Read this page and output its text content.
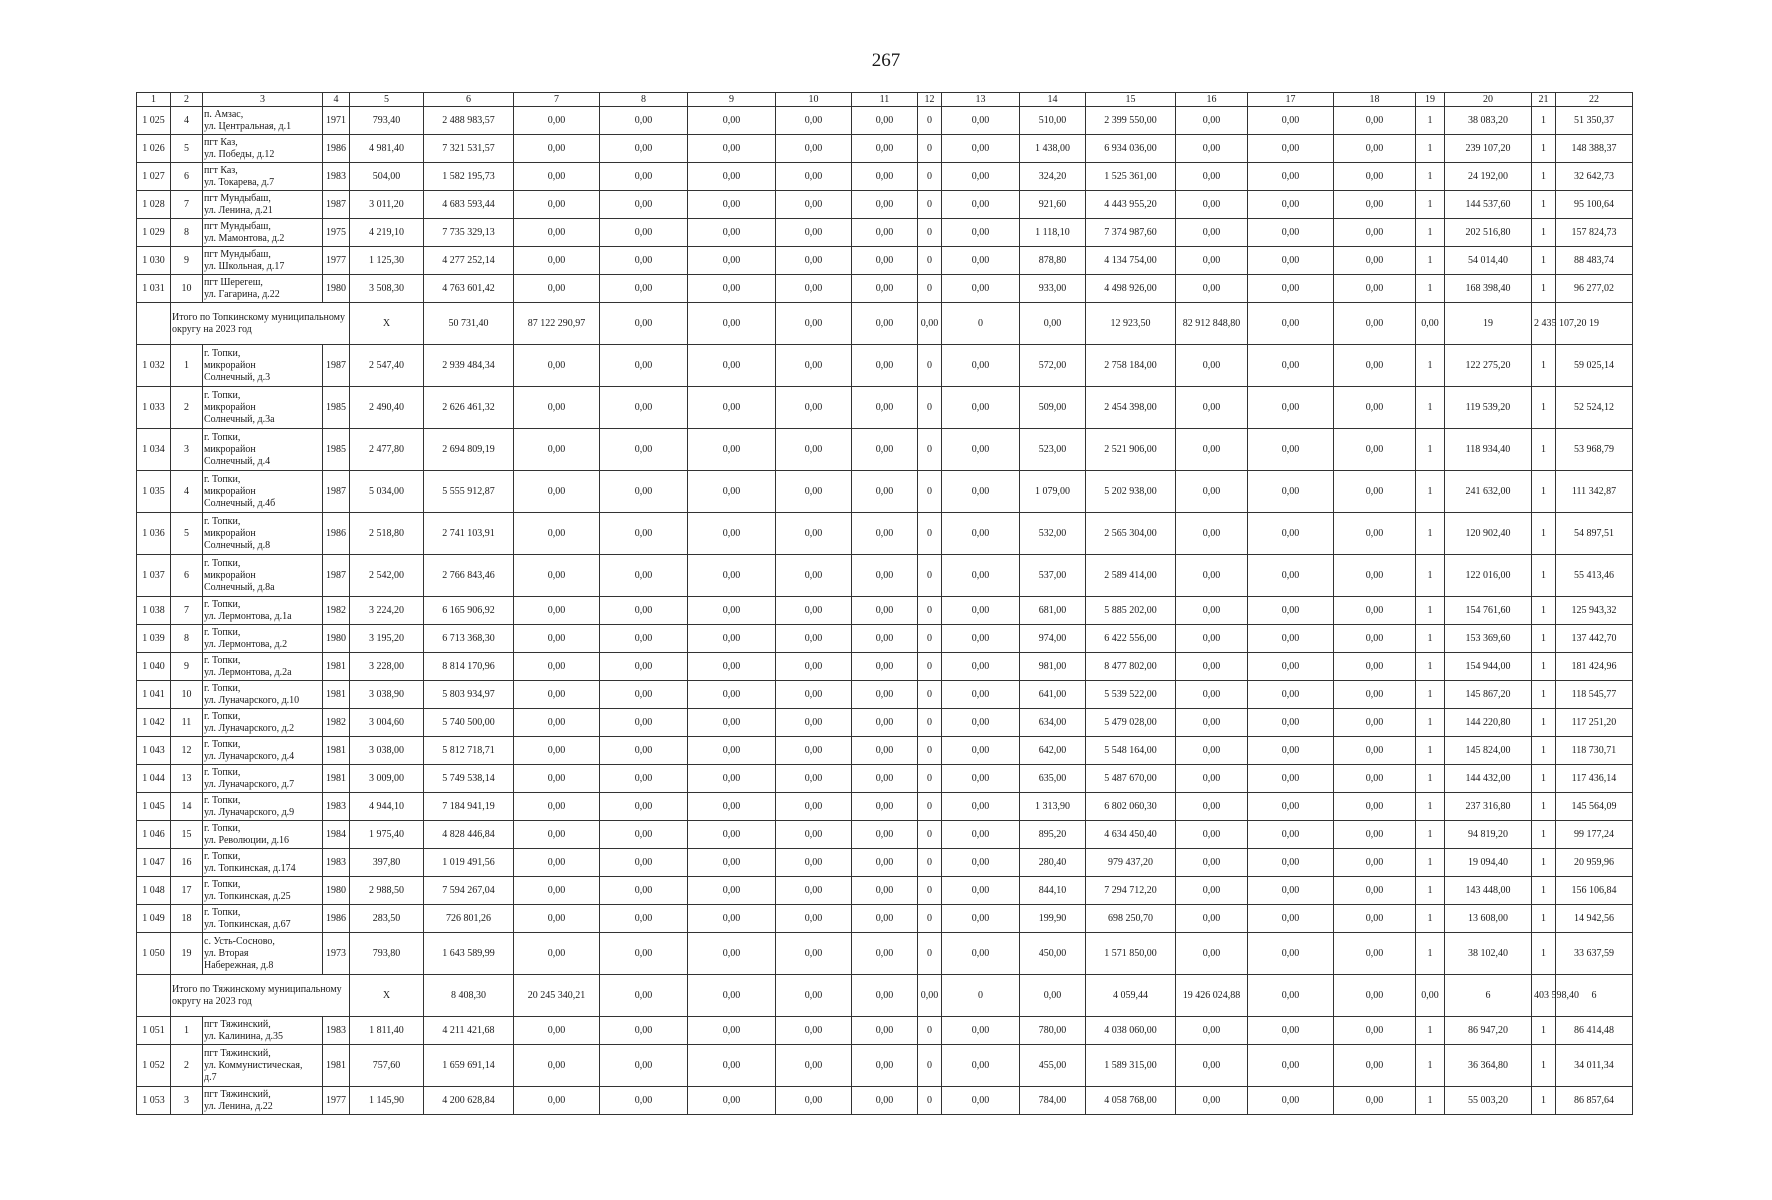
267
1	2	3	4	5	6	7	8	9	10	11	12	13	14	15	16	17	18	19	20	21	22	
1 025	4	п. Амзас,
ул. Центральная, д.1	1971	793,40	2 488 983,57	0,00	0,00	0,00	0,00	0,00	0	0,00	510,00	2 399 550,00	0,00	0,00	0,00	1	38 083,20	1	51 350,37	
1 026	5	пгт Каз,
ул. Победы, д.12	1986	4 981,40	7 321 531,57	0,00	0,00	0,00	0,00	0,00	0	0,00	1 438,00	6 934 036,00	0,00	0,00	0,00	1	239 107,20	1	148 388,37	
1 027	6	пгт Каз,
ул. Токарева, д.7	1983	504,00	1 582 195,73	0,00	0,00	0,00	0,00	0,00	0	0,00	324,20	1 525 361,00	0,00	0,00	0,00	1	24 192,00	1	32 642,73	
1 028	7	пгт Мундыбаш,
ул. Ленина, д.21	1987	3 011,20	4 683 593,44	0,00	0,00	0,00	0,00	0,00	0	0,00	921,60	4 443 955,20	0,00	0,00	0,00	1	144 537,60	1	95 100,64	
1 029	8	пгт Мундыбаш,
ул. Мамонтова, д.2	1975	4 219,10	7 735 329,13	0,00	0,00	0,00	0,00	0,00	0	0,00	1 118,10	7 374 987,60	0,00	0,00	0,00	1	202 516,80	1	157 824,73	
1 030	9	пгт Мундыбаш,
ул. Школьная, д.17	1977	1 125,30	4 277 252,14	0,00	0,00	0,00	0,00	0,00	0	0,00	878,80	4 134 754,00	0,00	0,00	0,00	1	54 014,40	1	88 483,74	
1 031	10	пгт Шерегеш,
ул. Гагарина, д.22	1980	3 508,30	4 763 601,42	0,00	0,00	0,00	0,00	0,00	0	0,00	933,00	4 498 926,00	0,00	0,00	0,00	1	168 398,40	1	96 277,02	
	Итого по Топкинскому муниципальному округу на 2023 год			X	50 731,40	87 122 290,97	0,00	0,00	0,00	0,00	0,00	0	0,00	12 923,50	82 912 848,80	0,00	0,00	0,00	19	2 435 107,20	19	
1 032	1	г. Топки,
микрорайон
Солнечный, д.3	1987	2 547,40	2 939 484,34	0,00	0,00	0,00	0,00	0,00	0	0,00	572,00	2 758 184,00	0,00	0,00	0,00	1	122 275,20	1	59 025,14	
1 033	2	г. Топки,
микрорайон
Солнечный, д.3а	1985	2 490,40	2 626 461,32	0,00	0,00	0,00	0,00	0,00	0	0,00	509,00	2 454 398,00	0,00	0,00	0,00	1	119 539,20	1	52 524,12	
1 034	3	г. Топки,
микрорайон
Солнечный, д.4	1985	2 477,80	2 694 809,19	0,00	0,00	0,00	0,00	0,00	0	0,00	523,00	2 521 906,00	0,00	0,00	0,00	1	118 934,40	1	53 968,79	
1 035	4	г. Топки,
микрорайон
Солнечный, д.4б	1987	5 034,00	5 555 912,87	0,00	0,00	0,00	0,00	0,00	0	0,00	1 079,00	5 202 938,00	0,00	0,00	0,00	1	241 632,00	1	111 342,87	
1 036	5	г. Топки,
микрорайон
Солнечный, д.8	1986	2 518,80	2 741 103,91	0,00	0,00	0,00	0,00	0,00	0	0,00	532,00	2 565 304,00	0,00	0,00	0,00	1	120 902,40	1	54 897,51	
1 037	6	г. Топки,
микрорайон
Солнечный, д.8а	1987	2 542,00	2 766 843,46	0,00	0,00	0,00	0,00	0,00	0	0,00	537,00	2 589 414,00	0,00	0,00	0,00	1	122 016,00	1	55 413,46	
1 038	7	г. Топки,
ул. Лермонтова, д.1а	1982	3 224,20	6 165 906,92	0,00	0,00	0,00	0,00	0,00	0	0,00	681,00	5 885 202,00	0,00	0,00	0,00	1	154 761,60	1	125 943,32	
1 039	8	г. Топки,
ул. Лермонтова, д.2	1980	3 195,20	6 713 368,30	0,00	0,00	0,00	0,00	0,00	0	0,00	974,00	6 422 556,00	0,00	0,00	0,00	1	153 369,60	1	137 442,70	
1 040	9	г. Топки,
ул. Лермонтова, д.2а	1981	3 228,00	8 814 170,96	0,00	0,00	0,00	0,00	0,00	0	0,00	981,00	8 477 802,00	0,00	0,00	0,00	1	154 944,00	1	181 424,96	
1 041	10	г. Топки,
ул. Луначарского, д.10	1981	3 038,90	5 803 934,97	0,00	0,00	0,00	0,00	0,00	0	0,00	641,00	5 539 522,00	0,00	0,00	0,00	1	145 867,20	1	118 545,77	
1 042	11	г. Топки,
ул. Луначарского, д.2	1982	3 004,60	5 740 500,00	0,00	0,00	0,00	0,00	0,00	0	0,00	634,00	5 479 028,00	0,00	0,00	0,00	1	144 220,80	1	117 251,20	
1 043	12	г. Топки,
ул. Луначарского, д.4	1981	3 038,00	5 812 718,71	0,00	0,00	0,00	0,00	0,00	0	0,00	642,00	5 548 164,00	0,00	0,00	0,00	1	145 824,00	1	118 730,71	
1 044	13	г. Топки,
ул. Луначарского, д.7	1981	3 009,00	5 749 538,14	0,00	0,00	0,00	0,00	0,00	0	0,00	635,00	5 487 670,00	0,00	0,00	0,00	1	144 432,00	1	117 436,14	
1 045	14	г. Топки,
ул. Луначарского, д.9	1983	4 944,10	7 184 941,19	0,00	0,00	0,00	0,00	0,00	0	0,00	1 313,90	6 802 060,30	0,00	0,00	0,00	1	237 316,80	1	145 564,09	
1 046	15	г. Топки,
ул. Революции, д.16	1984	1 975,40	4 828 446,84	0,00	0,00	0,00	0,00	0,00	0	0,00	895,20	4 634 450,40	0,00	0,00	0,00	1	94 819,20	1	99 177,24	
1 047	16	г. Топки,
ул. Топкинская, д.174	1983	397,80	1 019 491,56	0,00	0,00	0,00	0,00	0,00	0	0,00	280,40	979 437,20	0,00	0,00	0,00	1	19 094,40	1	20 959,96	
1 048	17	г. Топки,
ул. Топкинская, д.25	1980	2 988,50	7 594 267,04	0,00	0,00	0,00	0,00	0,00	0	0,00	844,10	7 294 712,20	0,00	0,00	0,00	1	143 448,00	1	156 106,84	
1 049	18	г. Топки,
ул. Топкинская, д.67	1986	283,50	726 801,26	0,00	0,00	0,00	0,00	0,00	0	0,00	199,90	698 250,70	0,00	0,00	0,00	1	13 608,00	1	14 942,56	
1 050	19	с. Усть-Сосново,
ул. Вторая
Набережная, д.8	1973	793,80	1 643 589,99	0,00	0,00	0,00	0,00	0,00	0	0,00	450,00	1 571 850,00	0,00	0,00	0,00	1	38 102,40	1	33 637,59	
	Итого по Тяжинскому муниципальному округу на 2023 год			X	8 408,30	20 245 340,21	0,00	0,00	0,00	0,00	0,00	0	0,00	4 059,44	19 426 024,88	0,00	0,00	0,00	6	403 598,40	6	
1 051	1	пгт Тяжинский,
ул. Калинина, д.35	1983	1 811,40	4 211 421,68	0,00	0,00	0,00	0,00	0,00	0	0,00	780,00	4 038 060,00	0,00	0,00	0,00	1	86 947,20	1	86 414,48	
1 052	2	пгт Тяжинский,
ул. Коммунистическая,
д.7	1981	757,60	1 659 691,14	0,00	0,00	0,00	0,00	0,00	0	0,00	455,00	1 589 315,00	0,00	0,00	0,00	1	36 364,80	1	34 011,34	
1 053	3	пгт Тяжинский,
ул. Ленина, д.22	1977	1 145,90	4 200 628,84	0,00	0,00	0,00	0,00	0,00	0	0,00	784,00	4 058 768,00	0,00	0,00	0,00	1	55 003,20	1	86 857,64	
